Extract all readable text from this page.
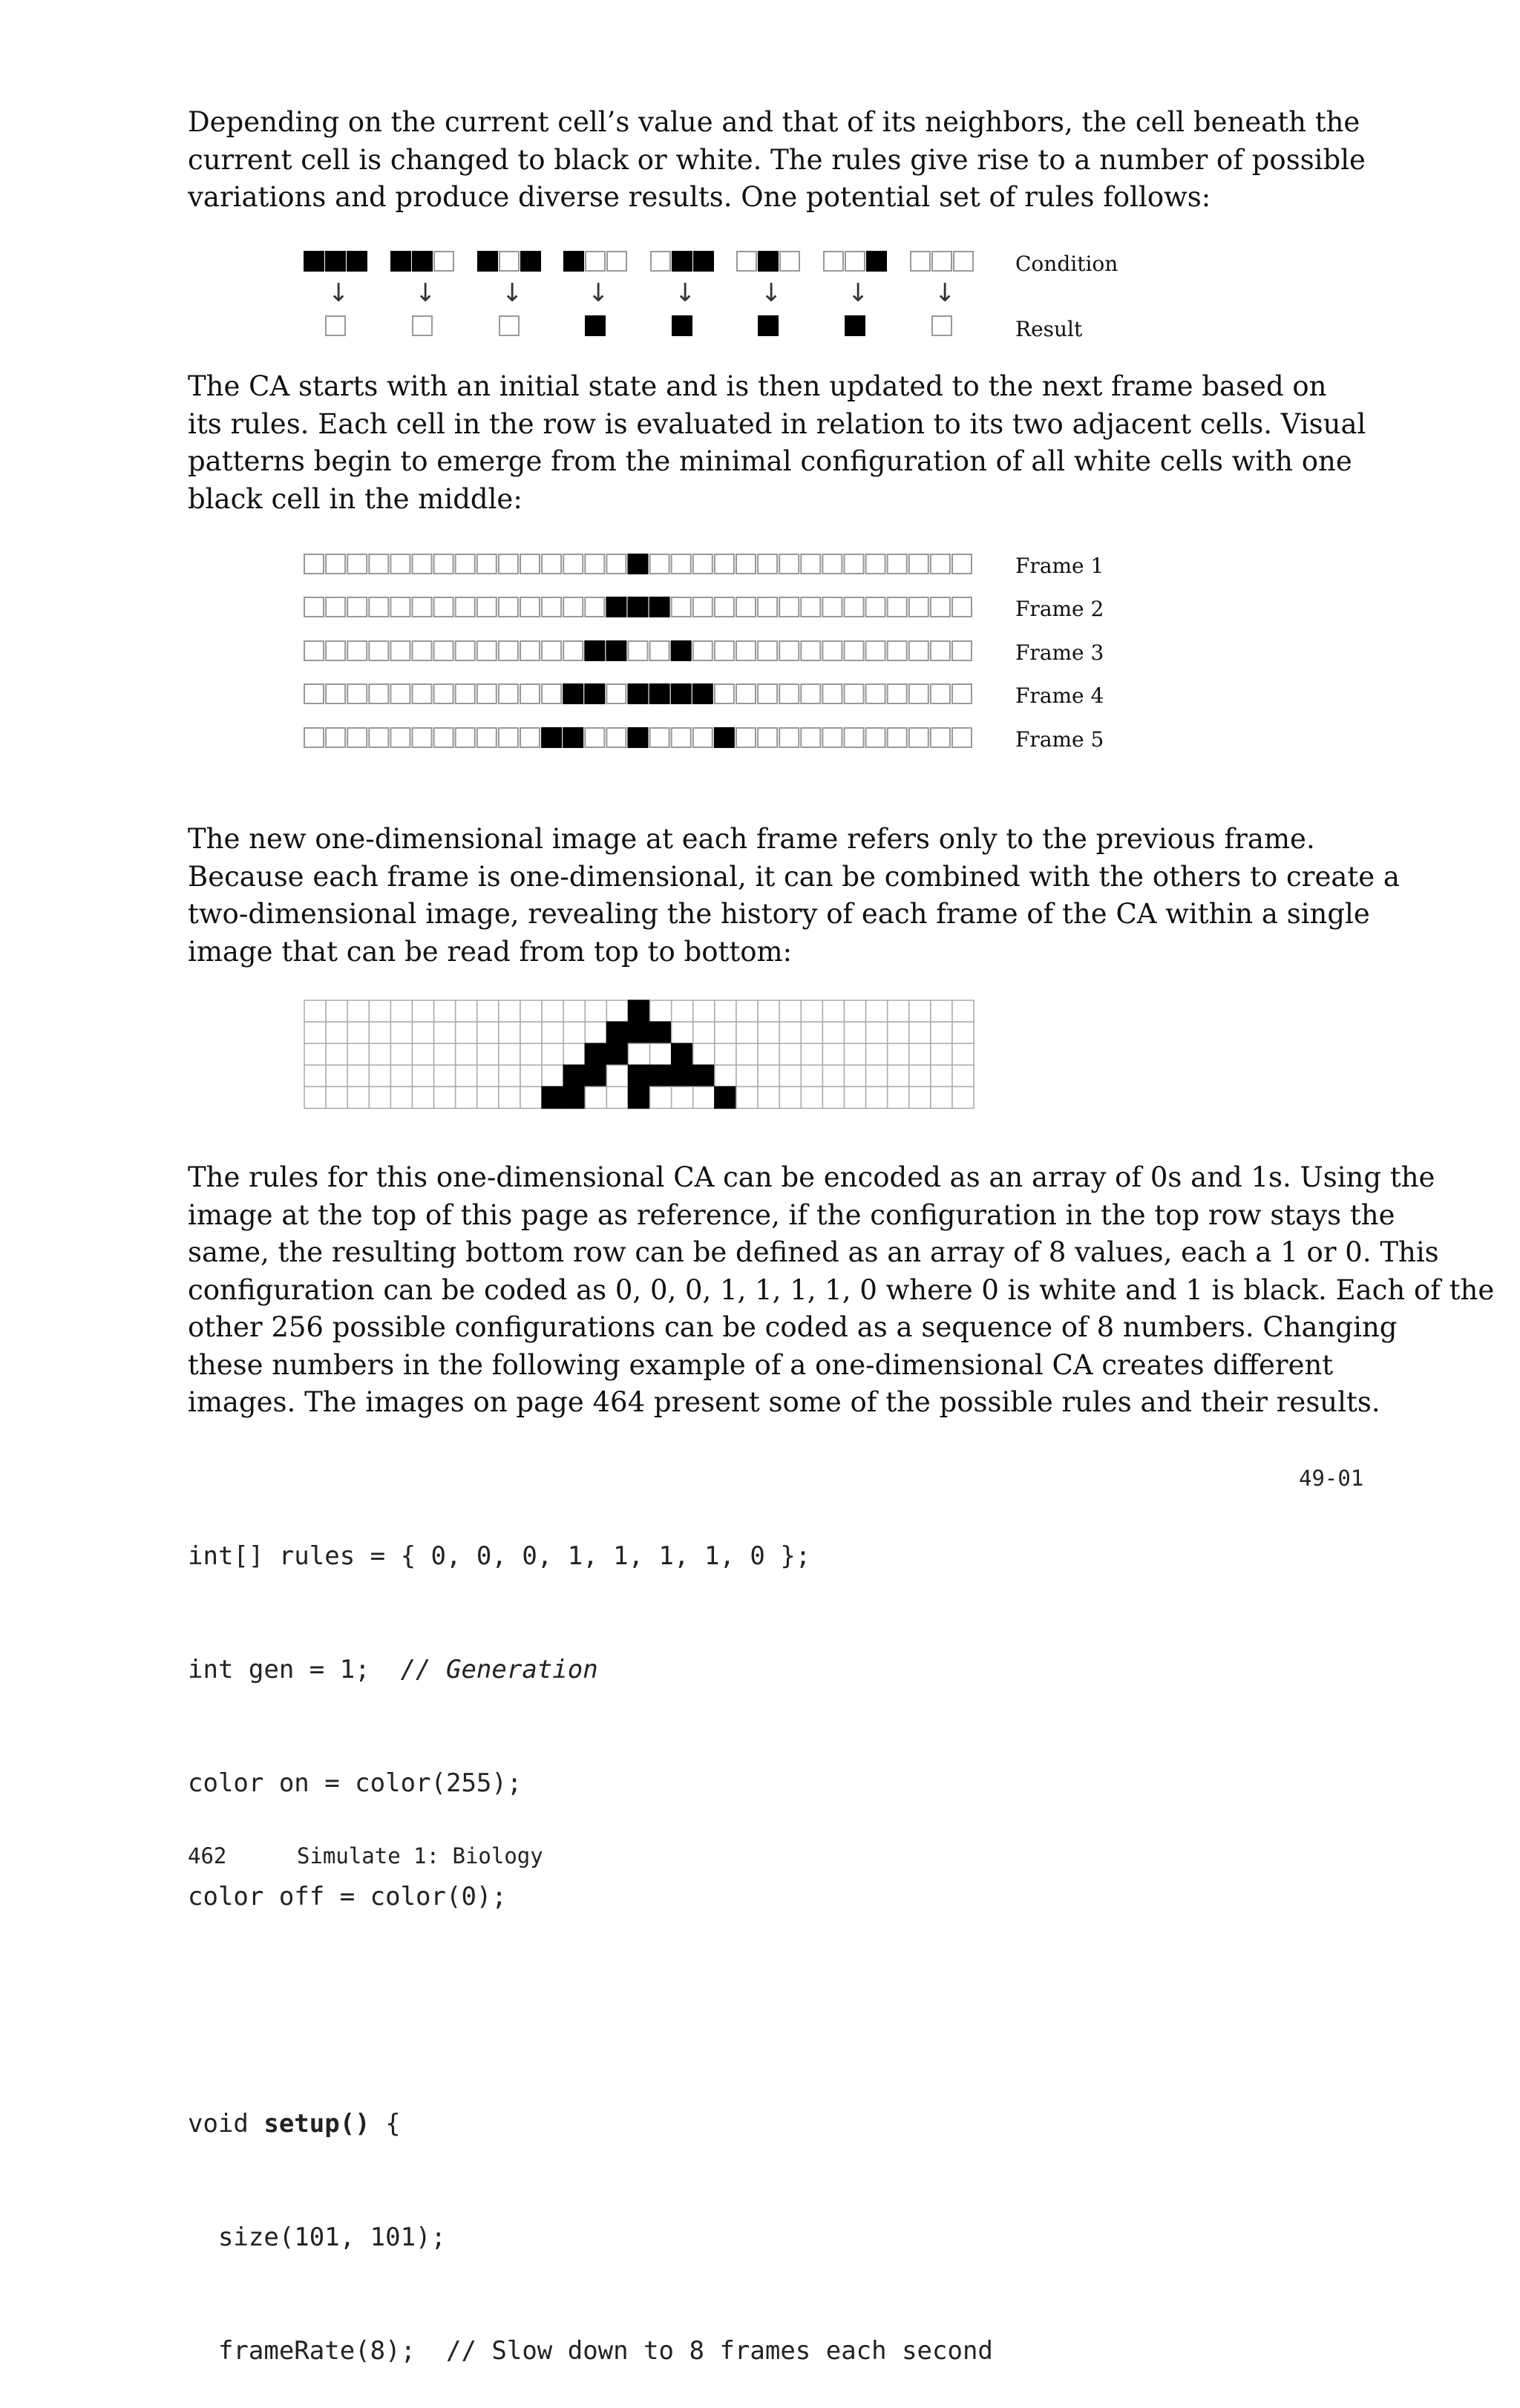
Depending on the current cell’s value and that of its neighbors, the cell beneath the
current cell is changed to black or white. The rules give rise to a number of possible
variations and produce diverse results. One potential set of rules follows:
Condition
Result
↓	↓	↓	↓	↓	↓	↓	↓
The CA starts with an initial state and is then updated to the next frame based on
its rules. Each cell in the row is evaluated in relation to its two adjacent cells. Visual
patterns begin to emerge from the minimal configuration of all white cells with one
black cell in the middle:
Frame 1
Frame 2
Frame 3
Frame 4
Frame 5
The new one-dimensional image at each frame refers only to the previous frame.
Because each frame is one-dimensional, it can be combined with the others to create a
two-dimensional image, revealing the history of each frame of the CA within a single
image that can be read from top to bottom:
The rules for this one-dimensional CA can be encoded as an array of 0s and 1s. Using the
image at the top of this page as reference, if the configuration in the top row stays the
same, the resulting bottom row can be defined as an array of 8 values, each a 1 or 0. This
configuration can be coded as 0, 0, 0, 1, 1, 1, 1, 0 where 0 is white and 1 is black. Each of the
other 256 possible configurations can be coded as a sequence of 8 numbers. Changing
these numbers in the following example of a one-dimensional CA creates different
images. The images on page 464 present some of the possible rules and their results.

int[] rules = { 0, 0, 0, 1, 1, 1, 1, 0 };

int gen = 1;  // Generation

color on = color(255);

color off = color(0);

void setup() {

size(101, 101);

frameRate(8);  // Slow down to 8 frames each second

49-01
462	Simulate 1: Biology
